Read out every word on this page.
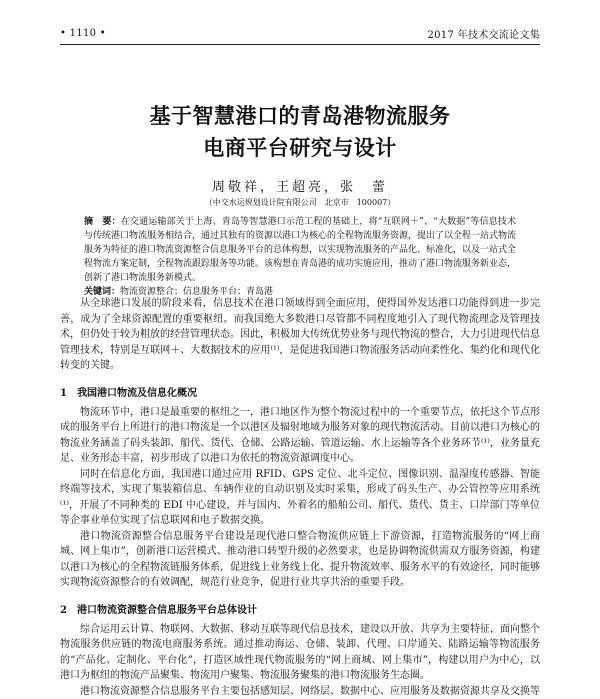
• 1110 •	2017 年技术交流论文集
基于智慧港口的青岛港物流服务
电商平台研究与设计
周敬祥，王超亮，张　蕾
（中交水运规划设计院有限公司　北京市　100007）
摘　要：在交通运输部关于上海、青岛等智慧港口示范工程的基础上，将“互联网＋”、“大数据”等信息技术与传统港口物流服务相结合，通过其独有的资源以港口为核心的全程物流服务资源，提出了以全程一站式物流服务为特征的港口物流资源整合信息服务平台的总体构想，以实现物流服务的产品化、标准化，以及一站式全程物流方案定制，全程物流跟踪服务等功能。该构想在青岛港的成功实施应用，推动了港口物流服务新业态，创新了港口物流服务新模式。
关键词：物流资源整合；信息服务平台；青岛港

从全球港口发展的阶段来看，信息技术在港口领域得到全面应用，使得国外发达港口功能得到进一步完善，成为了全球资源配置的重要枢纽。而我国绝大多数港口尽管都不同程度地引入了现代物流理念及管理技术，但仍处于较为粗放的经营管理状态。因此，积极加大传统优势业务与现代物流的整合，大力引进现代信息管理技术，特别是互联网＋、大数据技术的应用⁽¹⁾，是促进我国港口物流服务活动向柔性化、集约化和现代化转变的关键。

1　我国港口物流及信息化概况

物流环节中，港口是最重要的枢纽之一，港口地区作为整个物流过程中的一个重要节点，依托这个节点形成的服务平台上所进行的港口物流是一个以港区及辐射地域为服务对象的现代物流活动。目前以港口为核心的物流业务涵盖了码头装卸、船代、货代、仓储、公路运输、管道运输、水上运输等各个业务环节⁽¹⁾，业务量充足、业务形态丰富，初步形成了以港口为依托的物流资源调度中心。

同时在信息化方面，我国港口通过应用 RFID、GPS 定位、北斗定位、图像识别、温湿度传感器、智能终端等技术，实现了集装箱信息、车辆作业的自动识别及实时采集，形成了码头生产、办公管控等应用系统⁽¹⁾，开展了不同种类的 EDI 中心建设，并与国内、外着名的船舶公司、船代、货代、货主、口岸部门等单位等企事业单位实现了信息联网和电子数据交换。

港口物流资源整合信息服务平台建设是现代港口整合物流供应链上下游资源，打造物流服务的“网上商城、网上集市”，创新港口运营模式、推动港口转型升级的必然要求，也是协调物流供需双方服务资源，构建以港口为核心的全程物流链服务体系，促进线上业务线上化、提升物流效率、服务水平的有效途径，同时能够实现物流资源整合的有效调配，规范行业竞争，促进行业共享共治的重要手段。

2　港口物流资源整合信息服务平台总体设计

综合运用云计算、物联网、大数据、移动互联等现代信息技术，建设以开放、共享为主要特征，面向整个物流服务供应链的物流电商服务系统。通过推动海运、仓储、装卸、代理、口岸通关、陆路运输等物流服务的“产品化、定制化、平台化”，打造区域性现代物流服务的“网上商城、网上集市”，构建以用户为中心，以港口为枢纽的物流产品聚集、物流用户聚集、物流服务聚集的港口物流服务生态圈。

港口物流资源整合信息服务平台主要包括感知层、网络层、数据中心、应用服务及数据资源共享及交换等
